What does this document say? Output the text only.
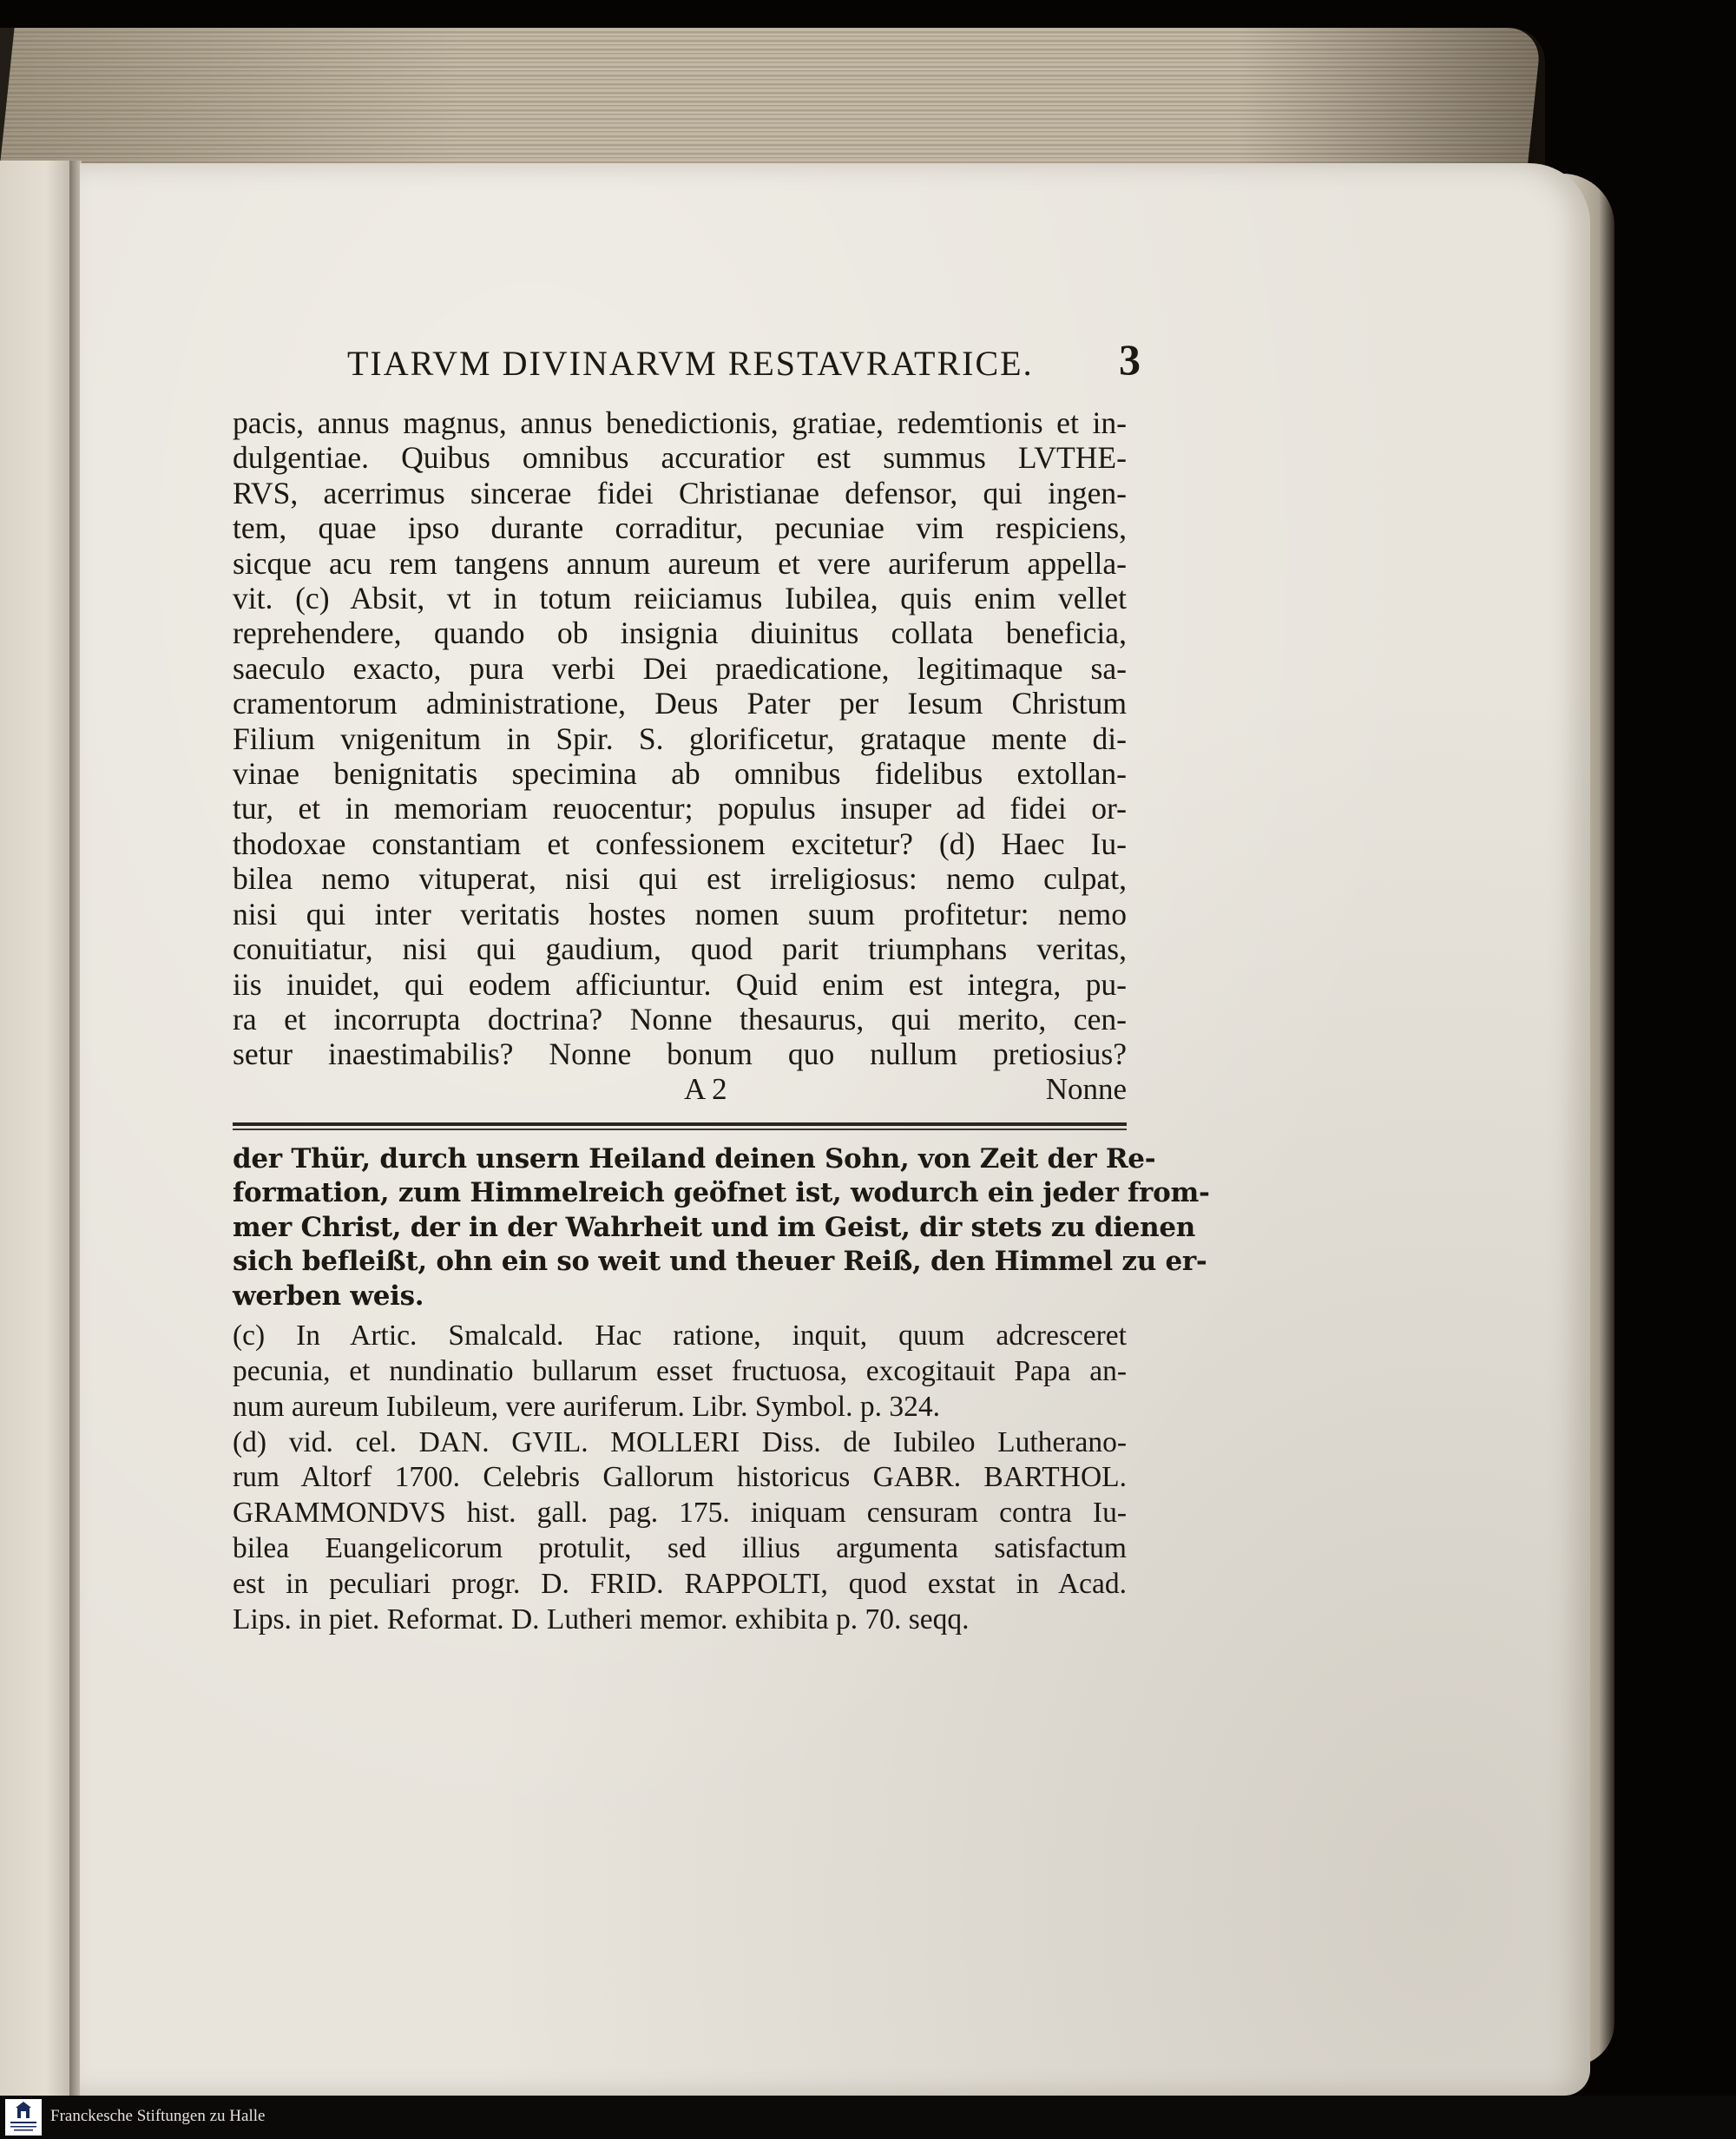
TIARVM DIVINARVM RESTAVRATRICE. 3
pacis, annus magnus, annus benedictionis, gratiae, redemtionis et in-
dulgentiae. Quibus omnibus accuratior est summus LVTHE-
RVS, acerrimus sincerae fidei Christianae defensor, qui ingen-
tem, quae ipso durante corraditur, pecuniae vim respiciens,
sicque acu rem tangens annum aureum et vere auriferum appella-
vit. (c) Absit, vt in totum reiiciamus Iubilea, quis enim vellet
reprehendere, quando ob insignia diuinitus collata beneficia,
saeculo exacto, pura verbi Dei praedicatione, legitimaque sa-
cramentorum administratione, Deus Pater per Iesum Christum
Filium vnigenitum in Spir. S. glorificetur, grataque mente di-
vinae benignitatis specimina ab omnibus fidelibus extollan-
tur, et in memoriam reuocentur; populus insuper ad fidei or-
thodoxae constantiam et confessionem excitetur? (d) Haec Iu-
bilea nemo vituperat, nisi qui est irreligiosus: nemo culpat,
nisi qui inter veritatis hostes nomen suum profitetur: nemo
conuitiatur, nisi qui gaudium, quod parit triumphans veritas,
iis inuidet, qui eodem afficiuntur. Quid enim est integra, pu-
ra et incorrupta doctrina? Nonne thesaurus, qui merito, cen-
setur inaestimabilis? Nonne bonum quo nullum pretiosius?
A 2	Nonne
der Thür, durch unsern Heiland deinen Sohn, von Zeit der Re-
formation, zum Himmelreich geöfnet ist, wodurch ein jeder from-
mer Christ, der in der Wahrheit und im Geist, dir stets zu dienen
sich befleißt, ohn ein so weit und theuer Reiß, den Himmel zu er-
werben weis.
(c) In Artic. Smalcald. Hac ratione, inquit, quum adcresceret
pecunia, et nundinatio bullarum esset fructuosa, excogitauit Papa an-
num aureum Iubileum, vere auriferum. Libr. Symbol. p. 324.
(d) vid. cel. DAN. GVIL. MOLLERI Diss. de Iubileo Lutherano-
rum Altorf 1700. Celebris Gallorum historicus GABR. BARTHOL.
GRAMMONDVS hist. gall. pag. 175. iniquam censuram contra Iu-
bilea Euangelicorum protulit, sed illius argumenta satisfactum
est in peculiari progr. D. FRID. RAPPOLTI, quod exstat in Acad.
Lips. in piet. Reformat. D. Lutheri memor. exhibita p. 70. seqq.
Franckesche Stiftungen zu Halle
